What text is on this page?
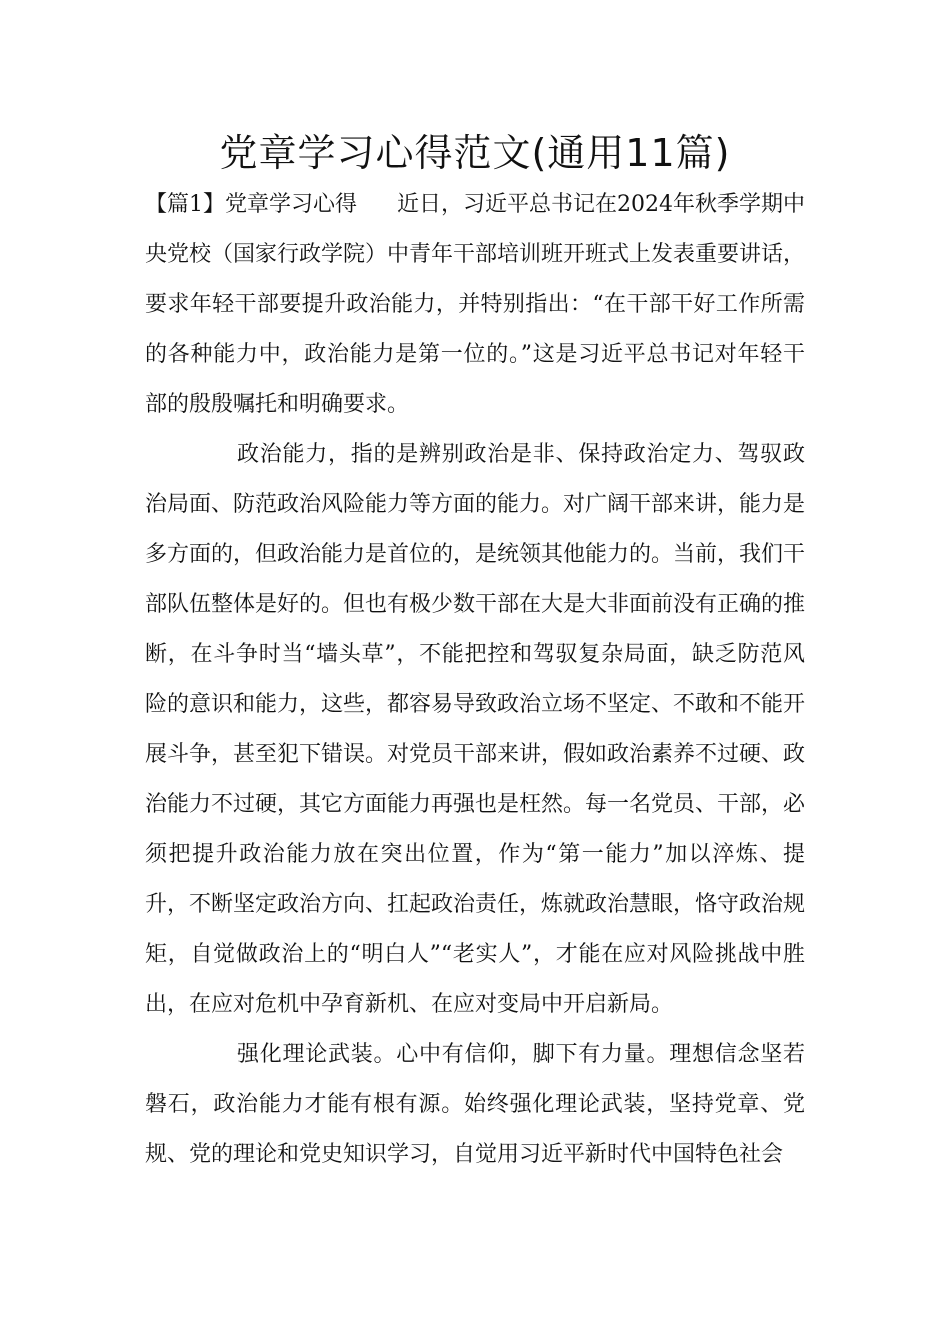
党章学习心得范文(通用11篇)

【篇1】党章学习心得 近日，习近平总书记在2024年秋季学期中央党校（国家行政学院）中青年干部培训班开班式上发表重要讲话，要求年轻干部要提升政治能力，并特别指出：“在干部干好工作所需的各种能力中，政治能力是第一位的。”这是习近平总书记对年轻干部的殷殷嘱托和明确要求。

政治能力，指的是辨别政治是非、保持政治定力、驾驭政治局面、防范政治风险能力等方面的能力。对广阔干部来讲，能力是多方面的，但政治能力是首位的，是统领其他能力的。当前，我们干部队伍整体是好的。但也有极少数干部在大是大非面前没有正确的推断，在斗争时当“墙头草”，不能把控和驾驭复杂局面，缺乏防范风险的意识和能力，这些，都容易导致政治立场不坚定、不敢和不能开展斗争，甚至犯下错误。对党员干部来讲，假如政治素养不过硬、政治能力不过硬，其它方面能力再强也是枉然。每一名党员、干部，必须把提升政治能力放在突出位置，作为“第一能力”加以淬炼、提升，不断坚定政治方向、扛起政治责任，炼就政治慧眼，恪守政治规矩，自觉做政治上的“明白人”“老实人”，才能在应对风险挑战中胜出，在应对危机中孕育新机、在应对变局中开启新局。

强化理论武装。心中有信仰，脚下有力量。理想信念坚若磐石，政治能力才能有根有源。始终强化理论武装，坚持党章、党规、党的理论和党史知识学习，自觉用习近平新时代中国特色社会
